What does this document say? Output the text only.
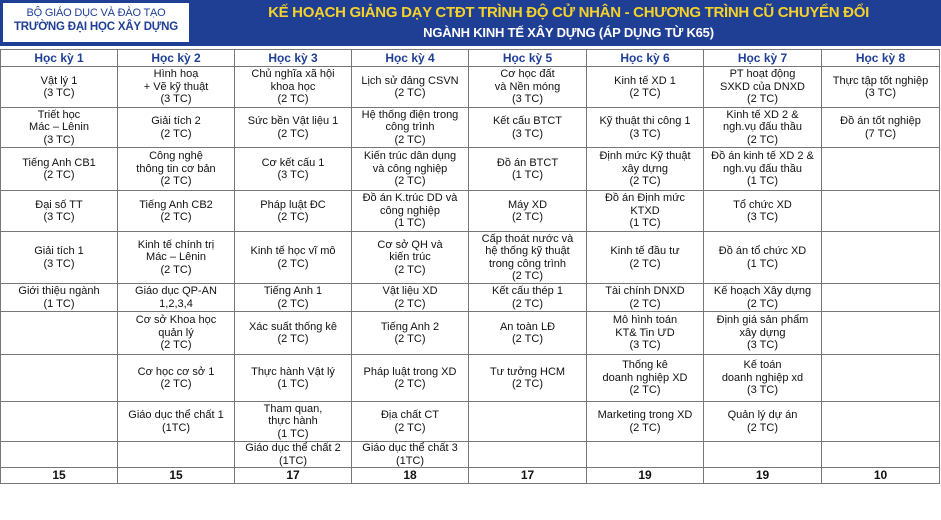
BỘ GIÁO DỤC VÀ ĐÀO TẠO
TRƯỜNG ĐẠI HỌC XÂY DỰNG
KẾ HOẠCH GIẢNG DẠY CTĐT TRÌNH ĐỘ CỬ NHÂN - CHƯƠNG TRÌNH CŨ CHUYỂN ĐỔI
NGÀNH KINH TẾ XÂY DỰNG (ÁP DỤNG TỪ K65)
Học kỳ 1	Học kỳ 2	Học kỳ 3	Học kỳ 4	Học kỳ 5	Học kỳ 6	Học kỳ 7	Học kỳ 8

Vật lý 1
(3 TC)	Hình hoạ
+ Vẽ kỹ thuật
(3 TC)	Chủ nghĩa xã hội
khoa học
(2 TC)	Lịch sử đảng CSVN
(2 TC)	Cơ học đất
và Nền móng
(3 TC)	Kinh tế XD 1
(2 TC)	PT hoạt động
SXKD của DNXD
(2 TC)	Thực tập tốt nghiệp
(3 TC)

Triết học
Mác – Lênin
(3 TC)	Giải tích 2
(2 TC)	Sức bền Vật liệu 1
(2 TC)	Hệ thống điện trong
công trình
(2 TC)	Kết cấu BTCT
(3 TC)	Kỹ thuật thi công 1
(3 TC)	Kinh tế XD 2 &
ngh.vụ đấu thầu
(2 TC)	Đồ án tốt nghiệp
(7 TC)

Tiếng Anh CB1
(2 TC)	Công nghệ
thông tin cơ bản
(2 TC)	Cơ kết cấu 1
(3 TC)	Kiến trúc dân dụng
và công nghiệp
(2 TC)	Đồ án BTCT
(1 TC)	Định mức Kỹ thuật
xây dựng
(2 TC)	Đồ án kinh tế XD 2 &
ngh.vụ đấu thầu
(1 TC)	

Đại số TT
(3 TC)	Tiếng Anh CB2
(2 TC)	Pháp luật ĐC
(2 TC)	Đồ án K.trúc DD và
công nghiệp
(1 TC)	Máy XD
(2 TC)	Đồ án Định mức
KTXD
(1 TC)	Tổ chức XD
(3 TC)	

Giải tích 1
(3 TC)	Kinh tế chính trị
Mác – Lênin
(2 TC)	Kinh tế học vĩ mô
(2 TC)	Cơ sở QH và
kiến trúc
(2 TC)	Cấp thoát nước và
hệ thống kỹ thuật
trong công trình
(2 TC)	Kinh tế đầu tư
(2 TC)	Đồ án tổ chức XD
(1 TC)	

Giới thiệu ngành
(1 TC)	Giáo dục QP-AN
1,2,3,4	Tiếng Anh 1
(2 TC)	Vật liệu XD
(2 TC)	Kết cấu thép 1
(2 TC)	Tài chính DNXD
(2 TC)	Kế hoạch Xây dựng
(2 TC)	

	Cơ sở Khoa học
quản lý
(2 TC)	Xác suất thống kê
(2 TC)	Tiếng Anh 2
(2 TC)	An toàn LĐ
(2 TC)	Mô hình toán
KT& Tin ƯD
(3 TC)	Định giá sản phẩm
xây dựng
(3 TC)	

	Cơ học cơ sở 1
(2 TC)	Thực hành Vật lý
(1 TC)	Pháp luật trong XD
(2 TC)	Tư tưởng HCM
(2 TC)	Thống kê
doanh nghiệp XD
(2 TC)	Kế toán
doanh nghiệp xd
(3 TC)	

	Giáo dục thể chất 1
(1TC)	Tham quan,
thực hành
(1 TC)	Địa chất CT
(2 TC)		Marketing trong XD
(2 TC)	Quản lý dự án
(2 TC)	

		Giáo dục thể chất 2
(1TC)	Giáo dục thể chất 3
(1TC)				

15	15	17	18	17	19	19	10
